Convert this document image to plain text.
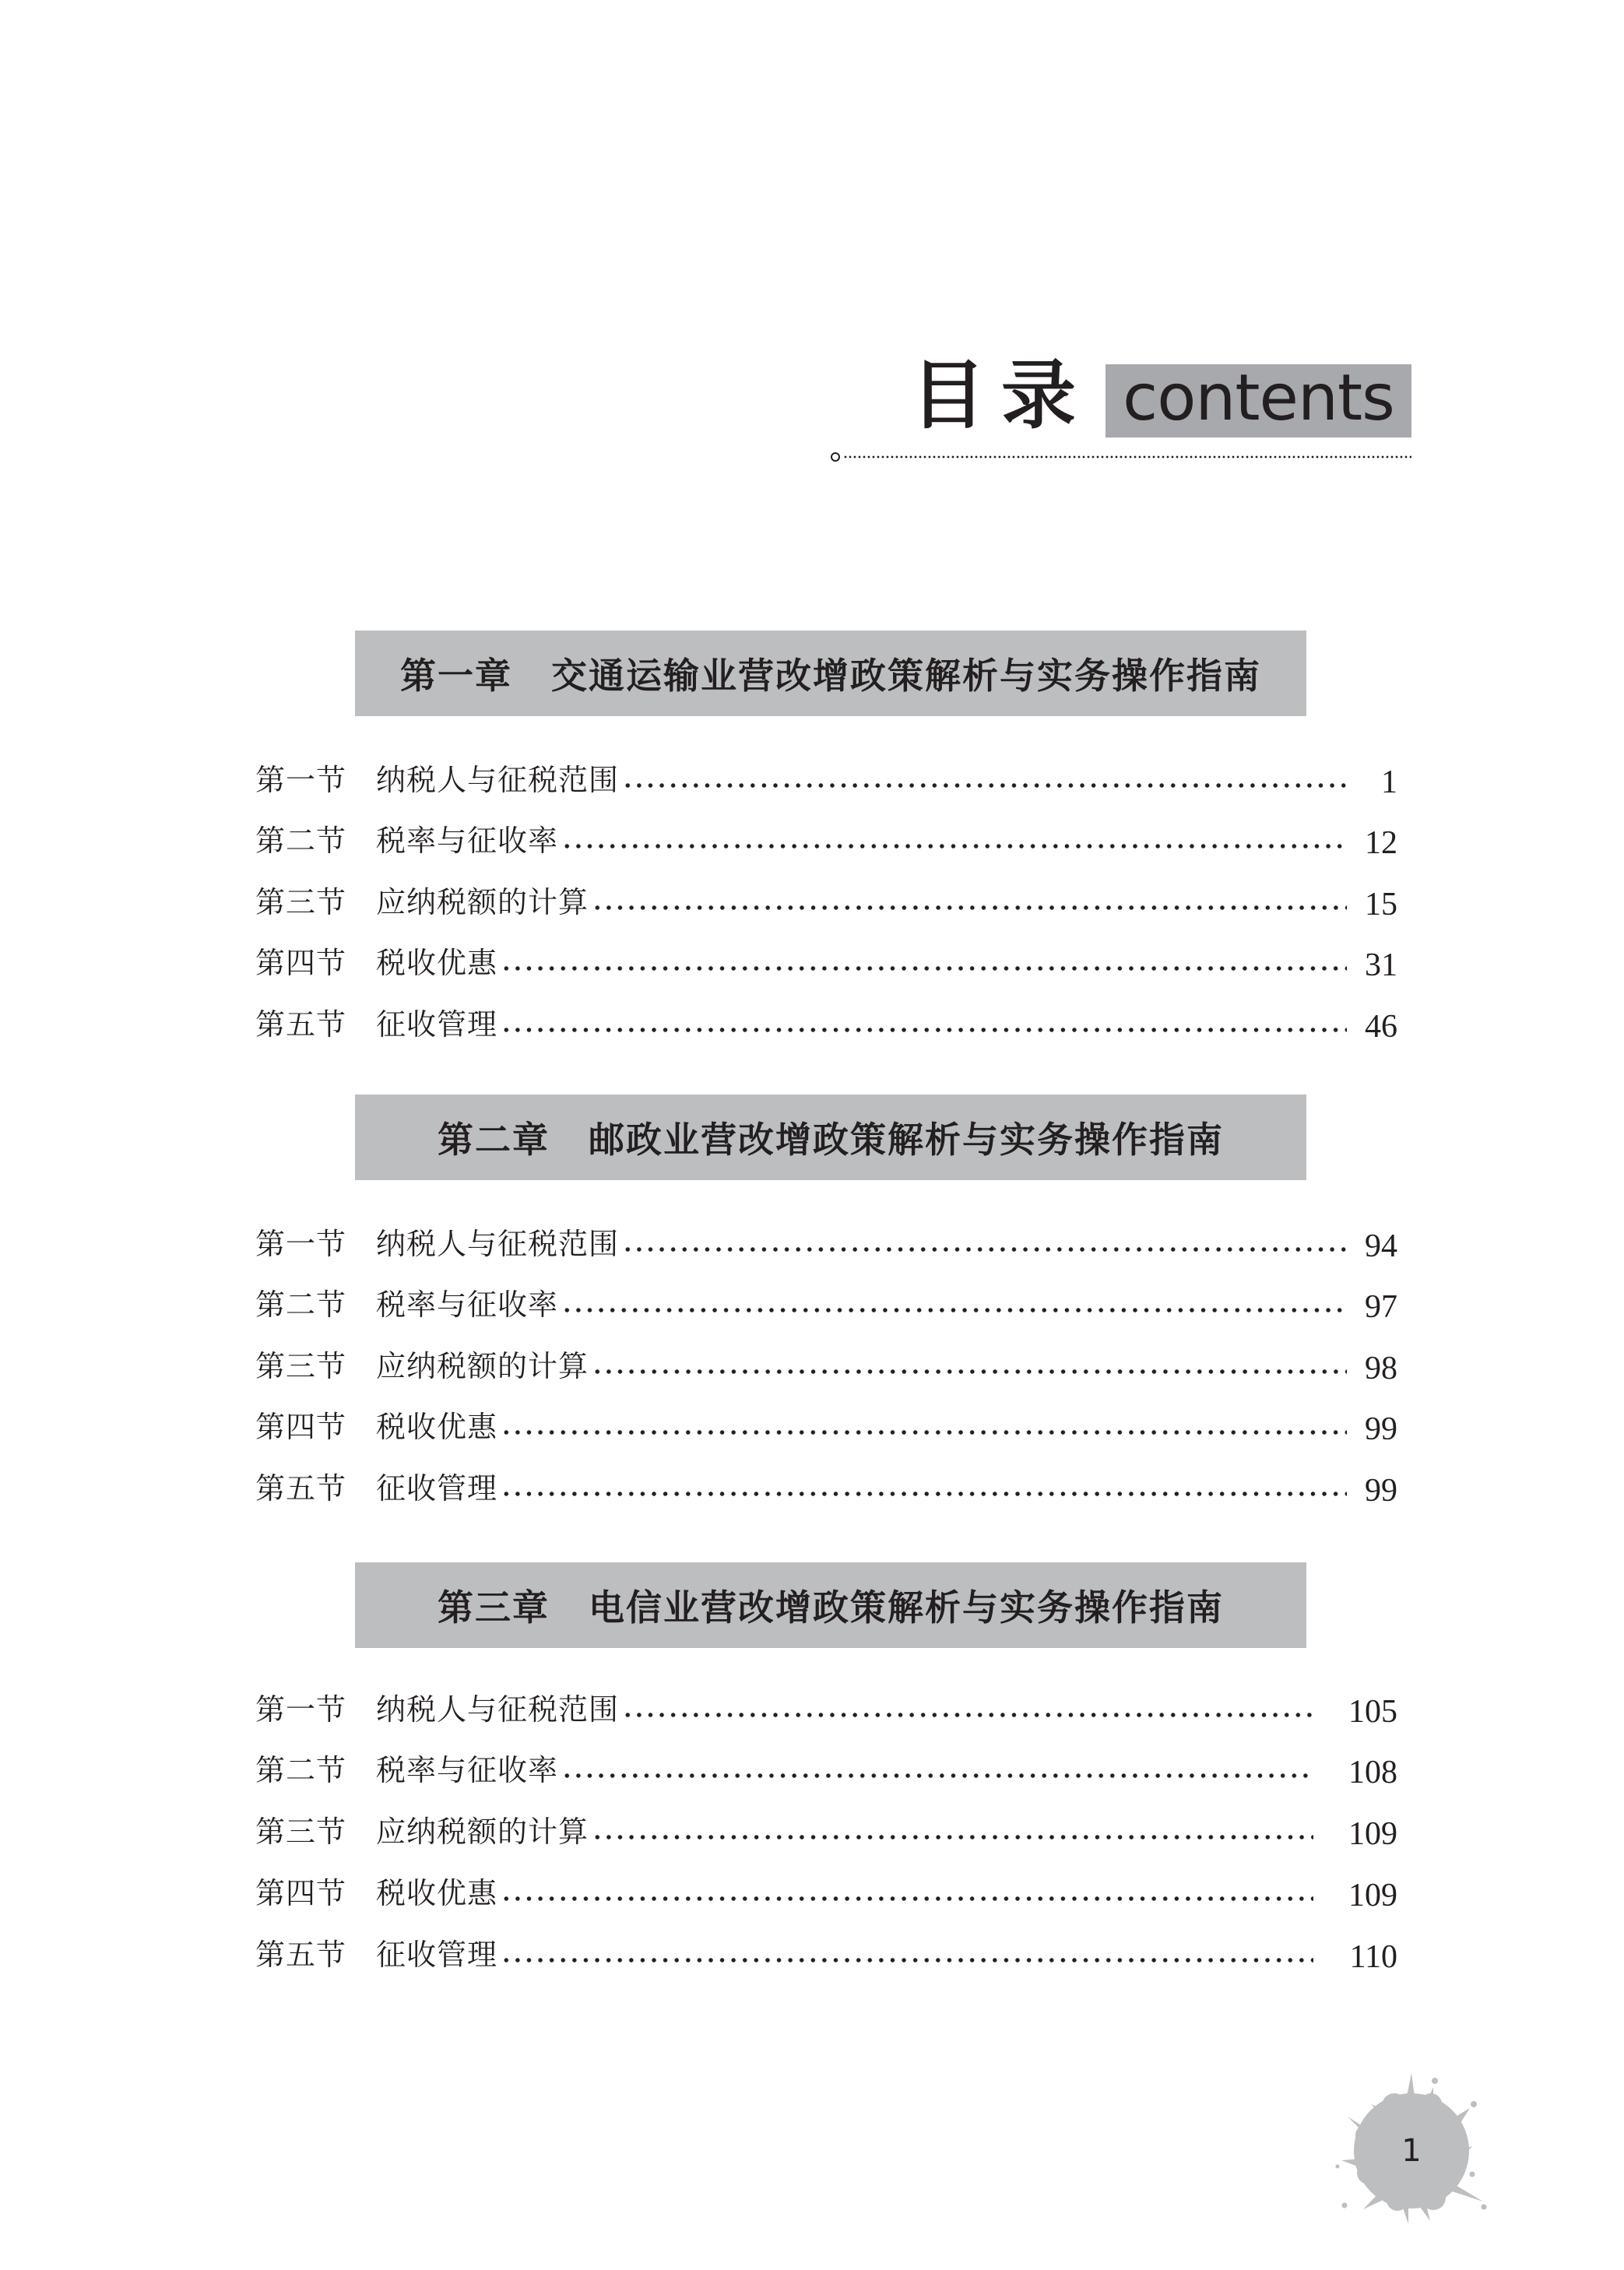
目录 contents
第一章 交通运输业营改增政策解析与实务操作指南
第一节 纳税人与征税范围	1
第二节 税率与征收率	12
第三节 应纳税额的计算	15
第四节 税收优惠	31
第五节 征收管理	46
第二章 邮政业营改增政策解析与实务操作指南
第一节 纳税人与征税范围	94
第二节 税率与征收率	97
第三节 应纳税额的计算	98
第四节 税收优惠	99
第五节 征收管理	99
第三章 电信业营改增政策解析与实务操作指南
第一节 纳税人与征税范围	105
第二节 税率与征收率	108
第三节 应纳税额的计算	109
第四节 税收优惠	109
第五节 征收管理	110
1
